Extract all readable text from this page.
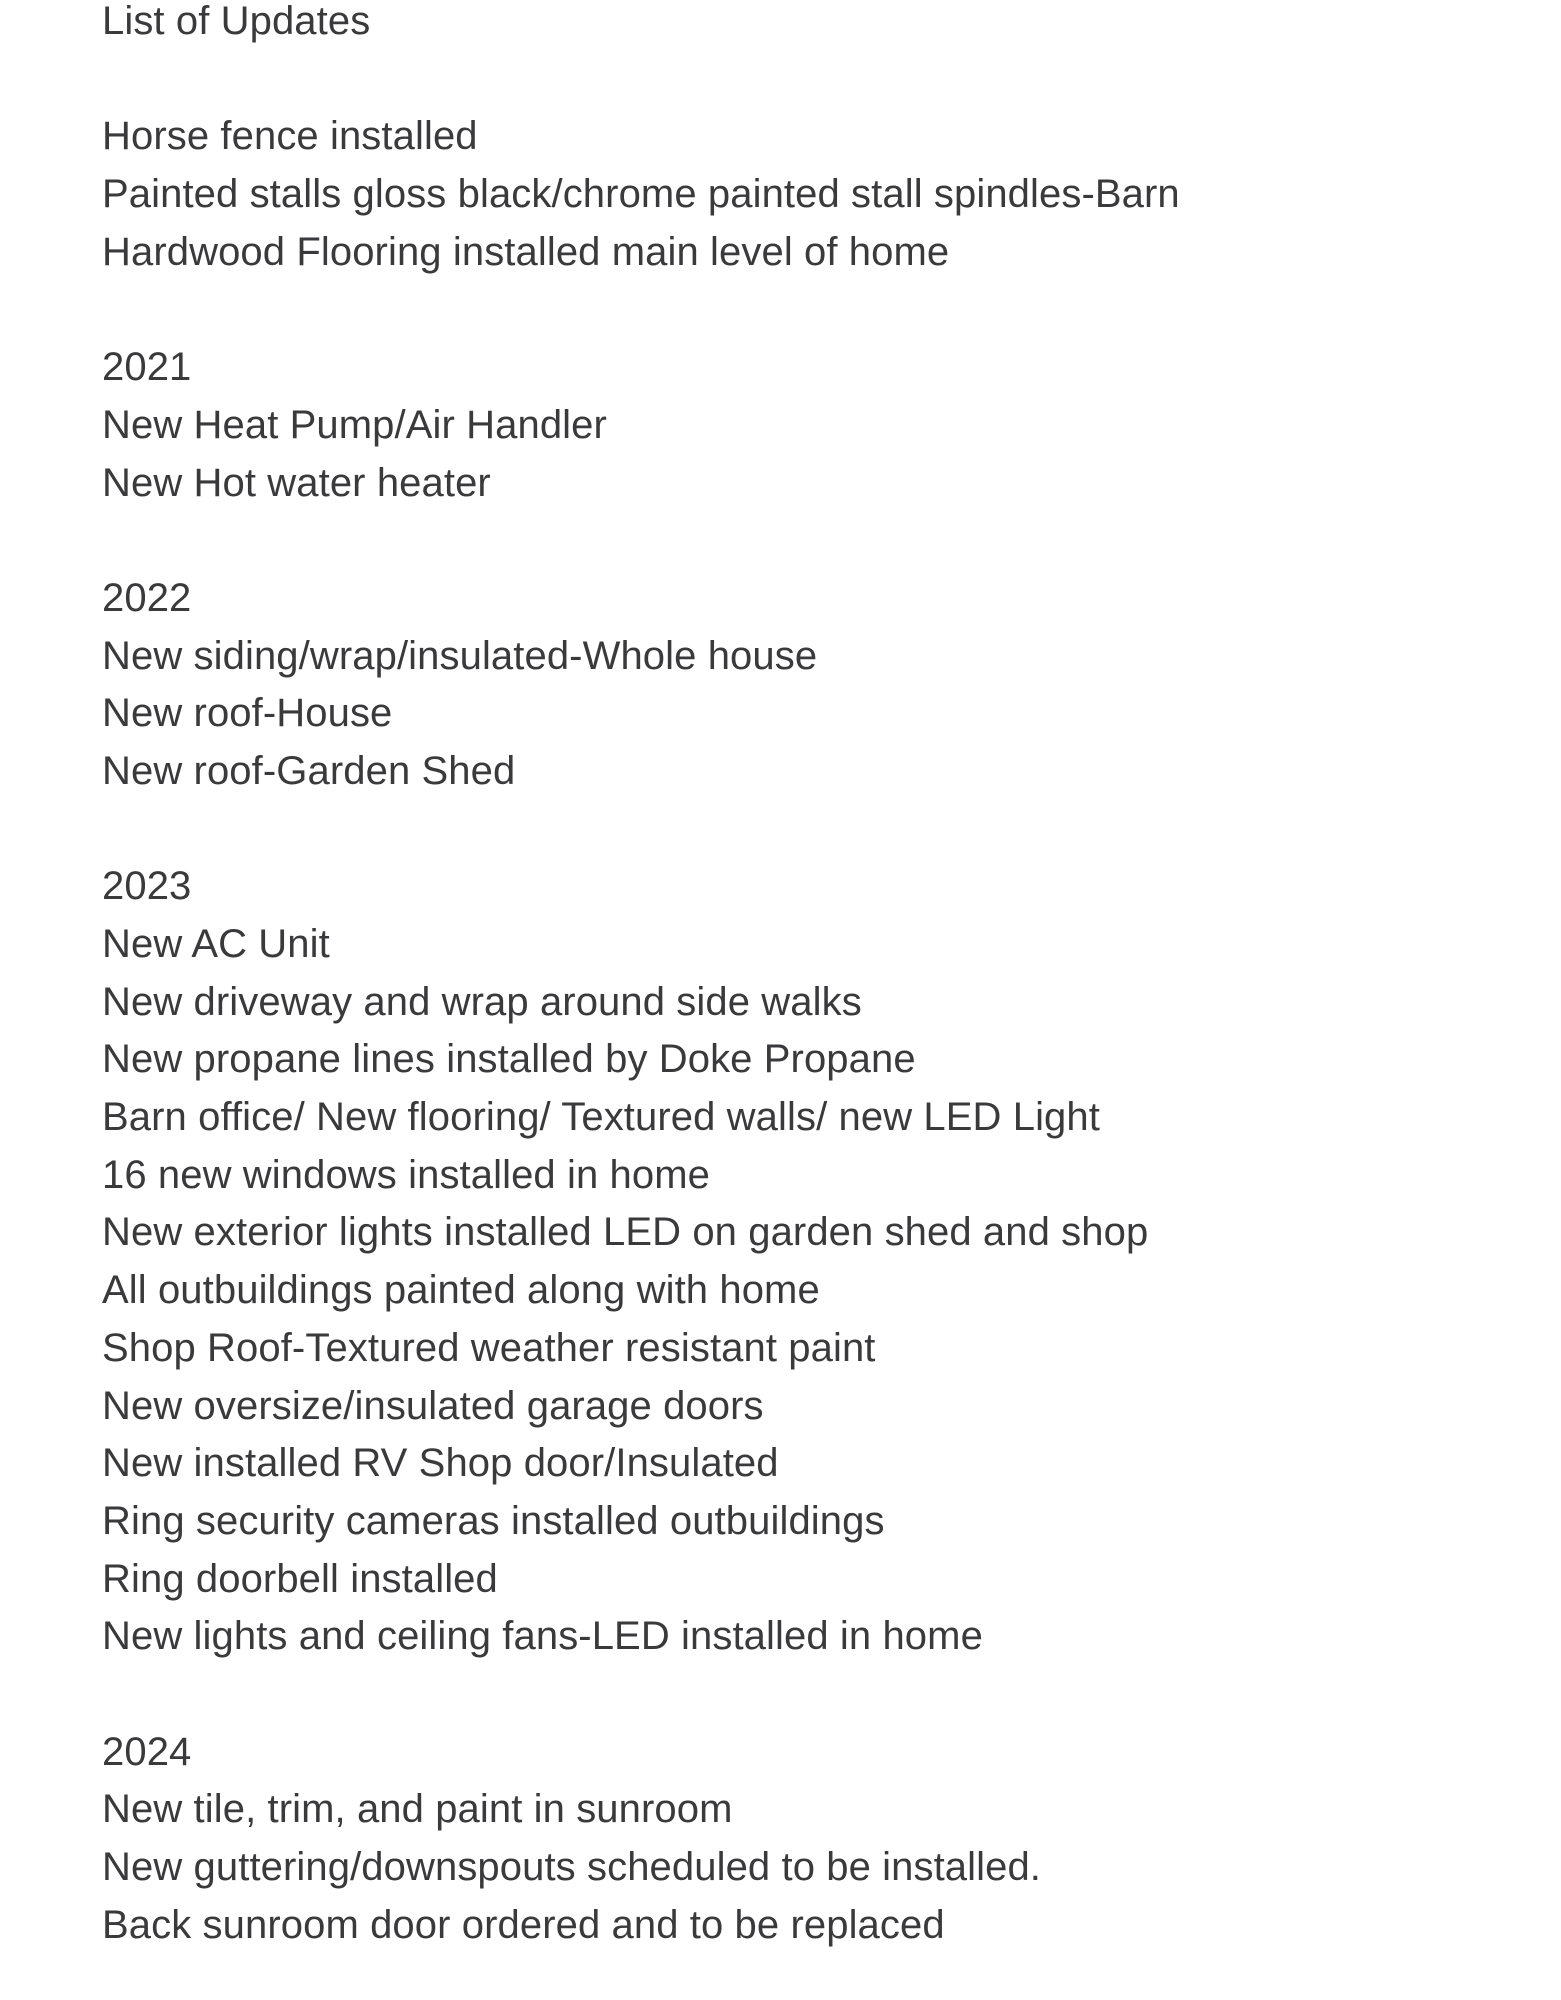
List of Updates
Horse fence installed
Painted stalls gloss black/chrome painted stall spindles-Barn
Hardwood Flooring installed main level of home
2021
New Heat Pump/Air Handler
New Hot water heater
2022
New siding/wrap/insulated-Whole house
New roof-House
New roof-Garden Shed
2023
New AC Unit
New driveway and wrap around side walks
New propane lines installed by Doke Propane
Barn office/ New flooring/ Textured walls/ new LED Light
16 new windows installed in home
New exterior lights installed LED on garden shed and shop
All outbuildings painted along with home
Shop Roof-Textured weather resistant paint
New oversize/insulated garage doors
New installed RV Shop door/Insulated
Ring security cameras installed outbuildings
Ring doorbell installed
New lights and ceiling fans-LED installed in home
2024
New tile, trim, and paint in sunroom
New guttering/downspouts scheduled to be installed.
Back sunroom door ordered and to be replaced
